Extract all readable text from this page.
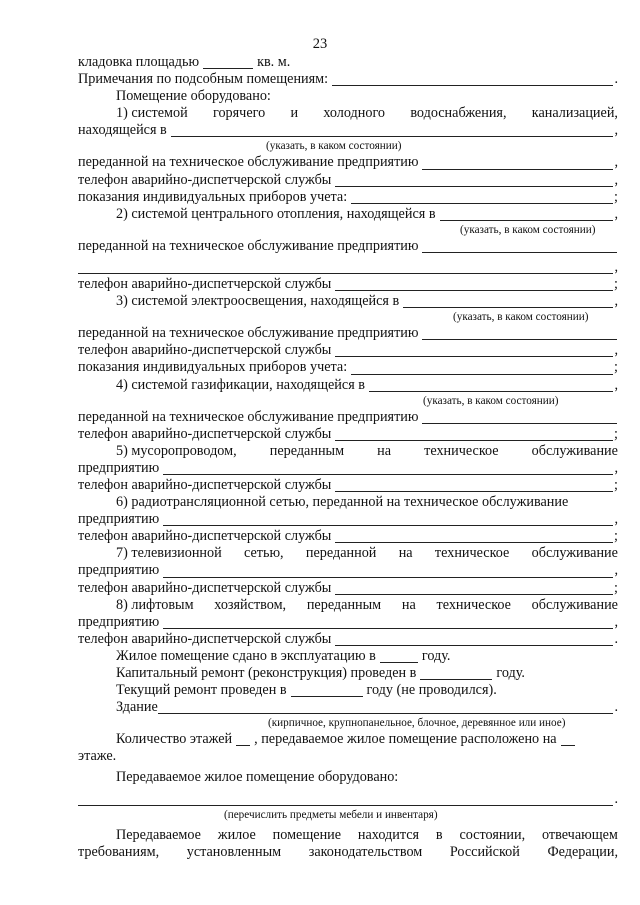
23
кладовка площадью	кв. м.
Примечания по подсобным помещениям:	.
Помещение оборудовано:
1) системой горячего и холодного водоснабжения, канализацией,
находящейся в	,
(указать, в каком состоянии)
переданной на техническое обслуживание предприятию	,
телефон аварийно-диспетчерской службы	,
показания индивидуальных приборов учета:	;
2) системой центрального отопления, находящейся в	,
(указать, в каком состоянии)
переданной на техническое обслуживание предприятию
,
телефон аварийно-диспетчерской службы	;
3) системой электроосвещения, находящейся в	,
(указать, в каком состоянии)
переданной на техническое обслуживание предприятию
телефон аварийно-диспетчерской службы	,
показания индивидуальных приборов учета:	;
4) системой газификации, находящейся в	,
(указать, в каком состоянии)
переданной на техническое обслуживание предприятию
телефон аварийно-диспетчерской службы	;
5) мусоропроводом, переданным на техническое обслуживание
предприятию	,
телефон аварийно-диспетчерской службы	;
6) радиотрансляционной сетью, переданной на техническое обслуживание
предприятию	,
телефон аварийно-диспетчерской службы	;
7) телевизионной сетью, переданной на техническое обслуживание
предприятию	,
телефон аварийно-диспетчерской службы	;
8) лифтовым хозяйством, переданным на техническое обслуживание
предприятию	,
телефон аварийно-диспетчерской службы	.
Жилое помещение сдано в эксплуатацию в	году.
Капитальный ремонт (реконструкция) проведен в	году.
Текущий ремонт проведен в	году (не проводился).
Здание	.
(кирпичное, крупнопанельное, блочное, деревянное или иное)
Количество этажей , передаваемое жилое помещение расположено на
этаже.
Передаваемое жилое помещение оборудовано:
.
(перечислить предметы мебели и инвентаря)
Передаваемое жилое помещение находится в состоянии, отвечающем
требованиям, установленным законодательством Российской Федерации,
